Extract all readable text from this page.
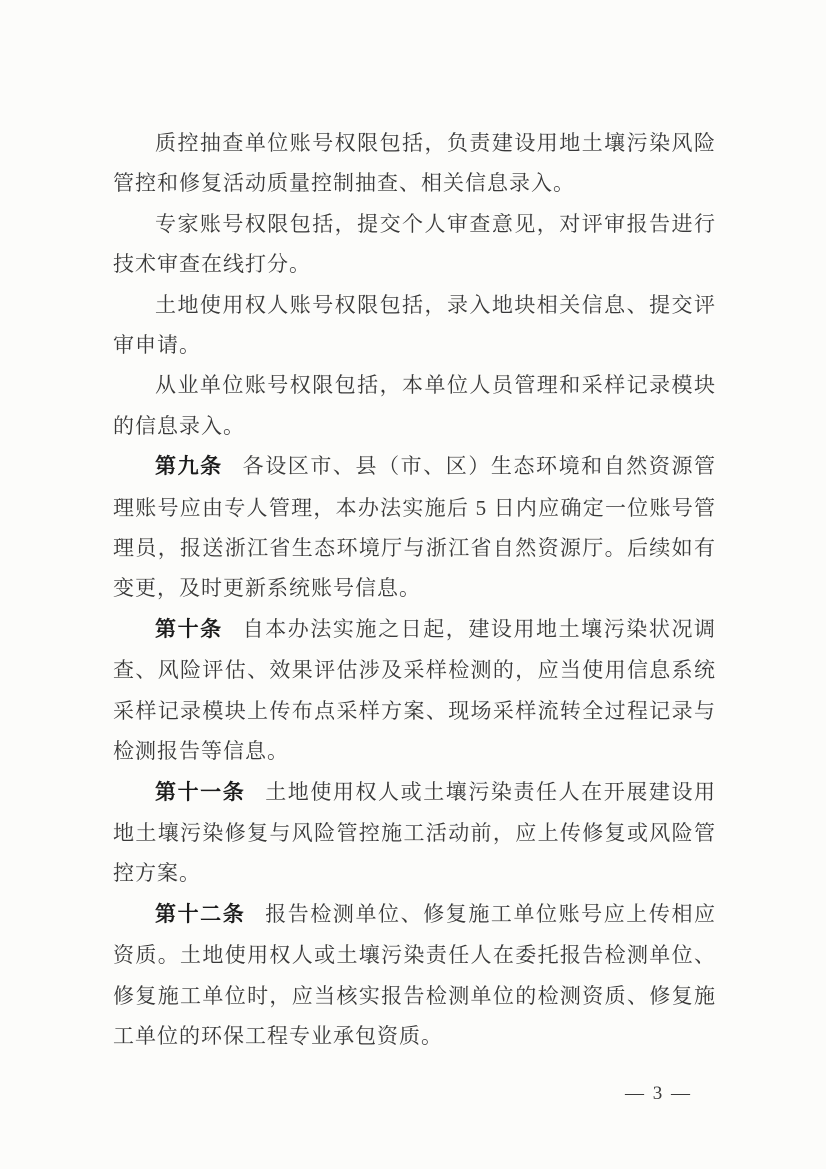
质控抽查单位账号权限包括，负责建设用地土壤污染风险管控和修复活动质量控制抽查、相关信息录入。

专家账号权限包括，提交个人审查意见，对评审报告进行技术审查在线打分。

土地使用权人账号权限包括，录入地块相关信息、提交评审申请。

从业单位账号权限包括，本单位人员管理和采样记录模块的信息录入。

第九条 各设区市、县（市、区）生态环境和自然资源管理账号应由专人管理，本办法实施后 5 日内应确定一位账号管理员，报送浙江省生态环境厅与浙江省自然资源厅。后续如有变更，及时更新系统账号信息。

第十条 自本办法实施之日起，建设用地土壤污染状况调查、风险评估、效果评估涉及采样检测的，应当使用信息系统采样记录模块上传布点采样方案、现场采样流转全过程记录与检测报告等信息。

第十一条 土地使用权人或土壤污染责任人在开展建设用地土壤污染修复与风险管控施工活动前，应上传修复或风险管控方案。

第十二条 报告检测单位、修复施工单位账号应上传相应资质。土地使用权人或土壤污染责任人在委托报告检测单位、修复施工单位时，应当核实报告检测单位的检测资质、修复施工单位的环保工程专业承包资质。

— 3 —
